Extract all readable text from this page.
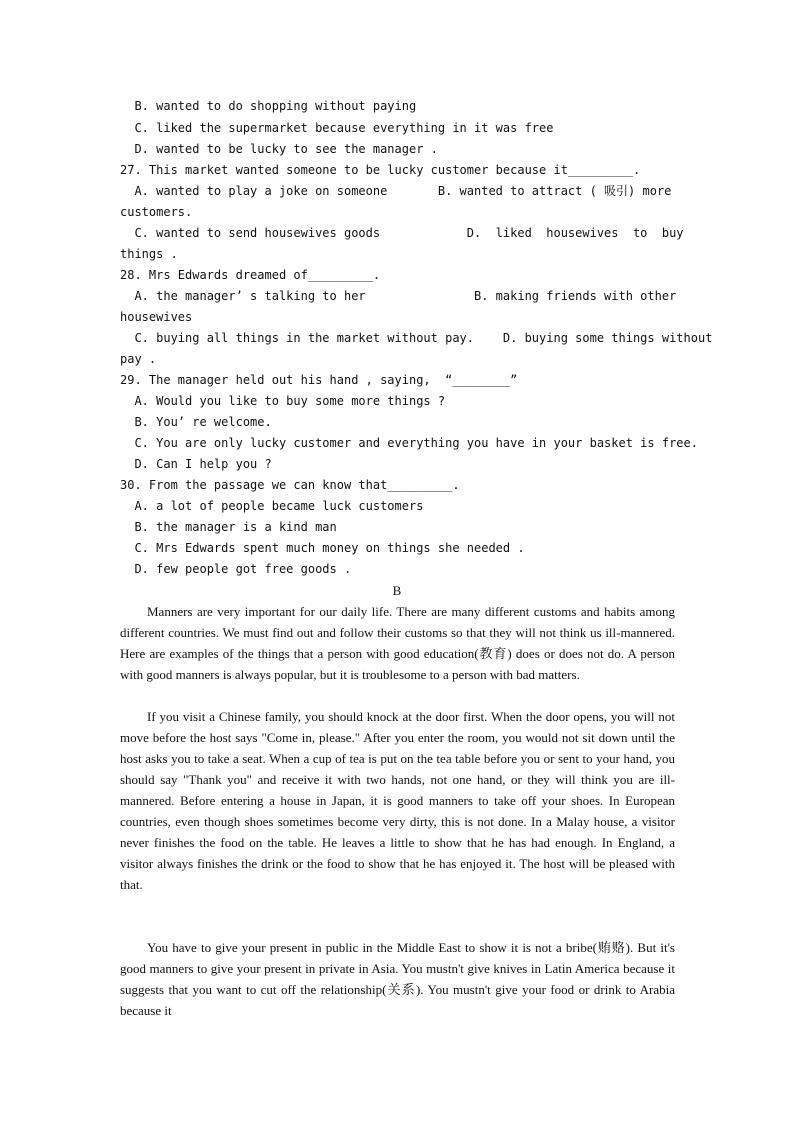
B. wanted to do shopping without paying
C. liked the supermarket because everything in it was free
D. wanted to be lucky to see the manager .
27. This market wanted someone to be lucky customer because it_________.
A. wanted to play a joke on someone       B. wanted to attract ( 吸引) more
customers.
C. wanted to send housewives goods            D.  liked  housewives  to  buy
things .
28. Mrs Edwards dreamed of_________.
A. the manager’ s talking to her               B. making friends with other
housewives
C. buying all things in the market without pay.    D. buying some things without
pay .
29. The manager held out his hand , saying,  “________”
A. Would you like to buy some more things ?
B. You’ re welcome.
C. You are only lucky customer and everything you have in your basket is free.
D. Can I help you ?
30. From the passage we can know that_________.
A. a lot of people became luck customers
B. the manager is a kind man
C. Mrs Edwards spent much money on things she needed .
D. few people got free goods .
B
Manners are very important for our daily life. There are many different customs and habits among different countries. We must find out and follow their customs so that they will not think us ill-mannered. Here are examples of the things that a person with good education(教育) does or does not do. A person with good manners is always popular, but it is troublesome to a person with bad matters.
If you visit a Chinese family, you should knock at the door first. When the door opens, you will not move before the host says "Come in, please." After you enter the room, you would not sit down until the host asks you to take a seat. When a cup of tea is put on the tea table before you or sent to your hand, you should say "Thank you" and receive it with two hands, not one hand, or they will think you are ill-mannered. Before entering a house in Japan, it is good manners to take off your shoes. In European countries, even though shoes sometimes become very dirty, this is not done. In a Malay house, a visitor never finishes the food on the table. He leaves a little to show that he has had enough. In England, a visitor always finishes the drink or the food to show that he has enjoyed it. The host will be pleased with that.
You have to give your present in public in the Middle East to show it is not a bribe(贿赂). But it's good manners to give your present in private in Asia. You mustn't give knives in Latin America because it suggests that you want to cut off the relationship(关系). You mustn't give your food or drink to Arabia because it
